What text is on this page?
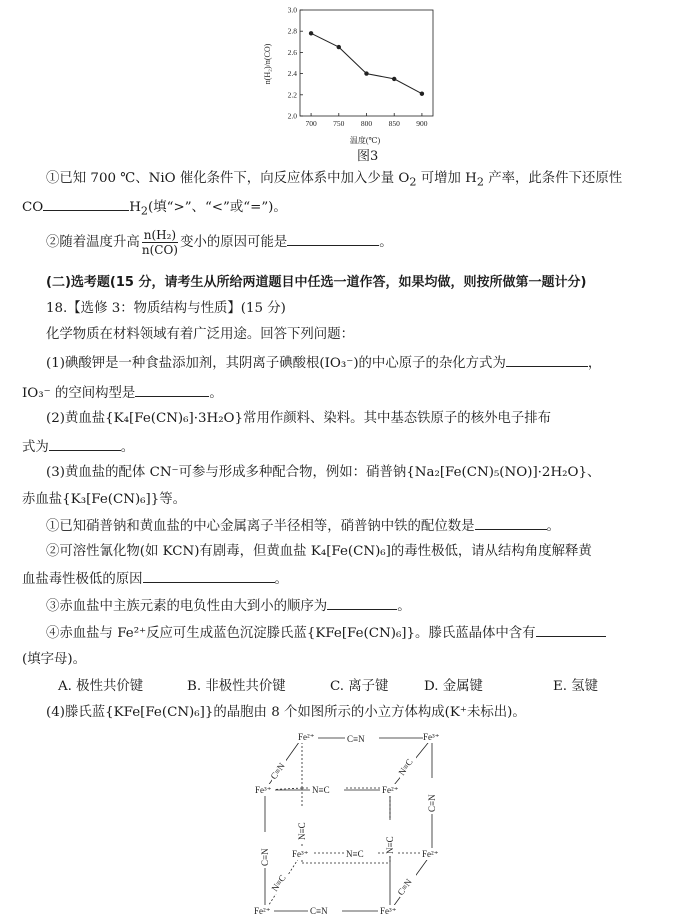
2.0
2.2
2.4
2.6
2.8
3.0
700 750 800 850 900
n(H₂)/n(CO)
温度(℃)
图3
①已知 700 ℃、NiO 催化条件下，向反应体系中加入少量 $O_2$ 可增加 $H_2$ 产率，此条件下还原性
CO	$H_2$(填“>”、“<”或“=”)。
②随着温度升高 $\frac{\text{n(H₂)}}{n(CO)}$ 变小的原因可能是	。
(二)选考题(15 分，请考生从所给两道题目中任选一道作答，如果均做，则按所做第一题计分)
18.【选修 3：物质结构与性质】(15 分)
化学物质在材料领域有着广泛用途。回答下列问题：
(1)碘酸钾是一种食盐添加剂，其阴离子碘酸根(IO₃⁻)的中心原子的杂化方式为	，
IO₃⁻ 的空间构型是	。
(2)黄血盐{K₄[Fe(CN)₆]·3H₂O}常用作颜料、染料。其中基态铁原子的核外电子排布
式为	。
(3)黄血盐的配体 CN⁻可参与形成多种配合物，例如：硝普钠{Na₂[Fe(CN)₅(NO)]·2H₂O}、
赤血盐{K₃[Fe(CN)₆]}等。
①已知硝普钠和黄血盐的中心金属离子半径相等，硝普钠中铁的配位数是	。
②可溶性氰化物(如 KCN)有剧毒，但黄血盐 K₄[Fe(CN)₆]的毒性极低，请从结构角度解释黄
血盐毒性极低的原因	。
③赤血盐中主族元素的电负性由大到小的顺序为	。
④赤血盐与 Fe²⁺反应可生成蓝色沉淀滕氏蓝{KFe[Fe(CN)₆]}。滕氏蓝晶体中含有
(填字母)。
A. 极性共价键	B. 非极性共价键	C. 离子键	D. 金属键	E. 氢键
(4)滕氏蓝{KFe[Fe(CN)₆]}的晶胞由 8 个如图所示的小立方体构成(K⁺未标出)。
Fe²⁺	Fe³⁺
C≡N
Fe³⁺	Fe²⁺
N≡C
Fe³⁺	Fe²⁺
N≡C
Fe²⁺	Fe³⁺
C≡N
C≡N
N≡C
N≡C
C≡N
C≡N	N≡C
C≡N
N≡C
